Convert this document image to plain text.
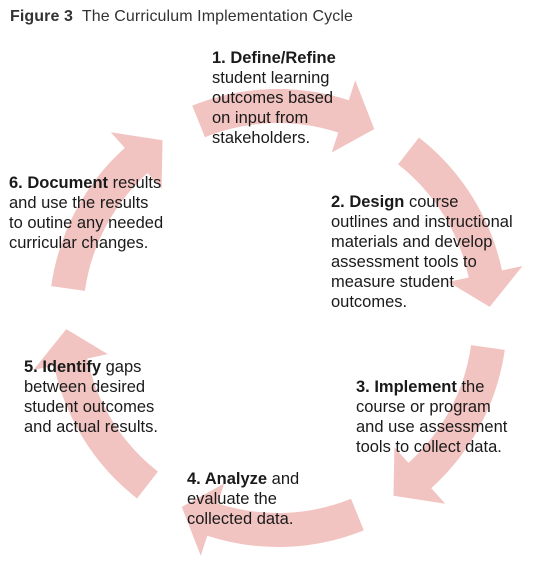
Figure 3 The Curriculum Implementation Cycle
1. Define/Refine
student learning
outcomes based
on input from
stakeholders.
2. Design course
outlines and instructional
materials and develop
assessment tools to
measure student
outcomes.
3. Implement the
course or program
and use assessment
tools to collect data.
4. Analyze and
evaluate the
collected data.
5. Identify gaps
between desired
student outcomes
and actual results.
6. Document results
and use the results
to outine any needed
curricular changes.
